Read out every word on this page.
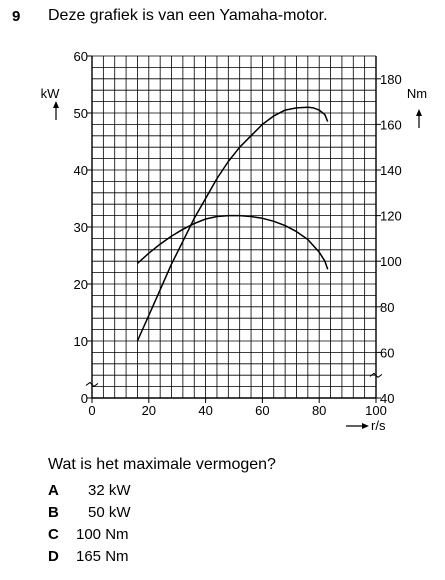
9 Deze grafiek is van een Yamaha-motor.
0
10
20
30
40
50
60
40
60
80
100
120
140
160
180
0	20	40	60	80	100
kW	Nm
r/s
Wat is het maximale vermogen?
A 32 kW
B 50 kW
C 100 Nm
D 165 Nm
